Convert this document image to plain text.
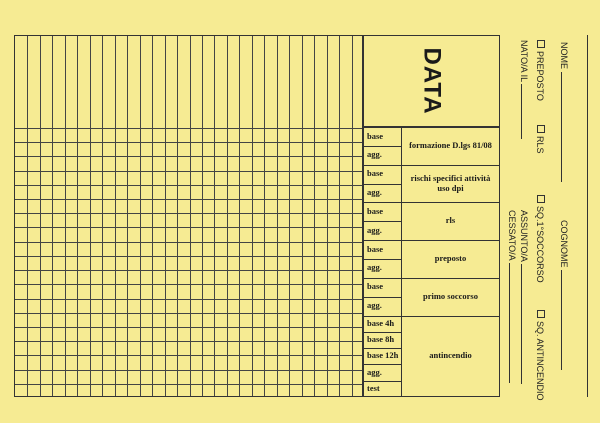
DATA
base
agg.
formazione D.lgs 81/08
base
agg.
rischi specifici attività uso dpi
base
agg.
rls
base
agg.
preposto
base
agg.
primo soccorso
base 4h
base 8h
base 12h
agg.
test
antincendio
NOME
COGNOME
PREPOSTO
RLS
SQ.1°SOCCORSO
SQ. ANTINCENDIO
NATO/A IL
ASSUNTO/A
CESSATO/A
